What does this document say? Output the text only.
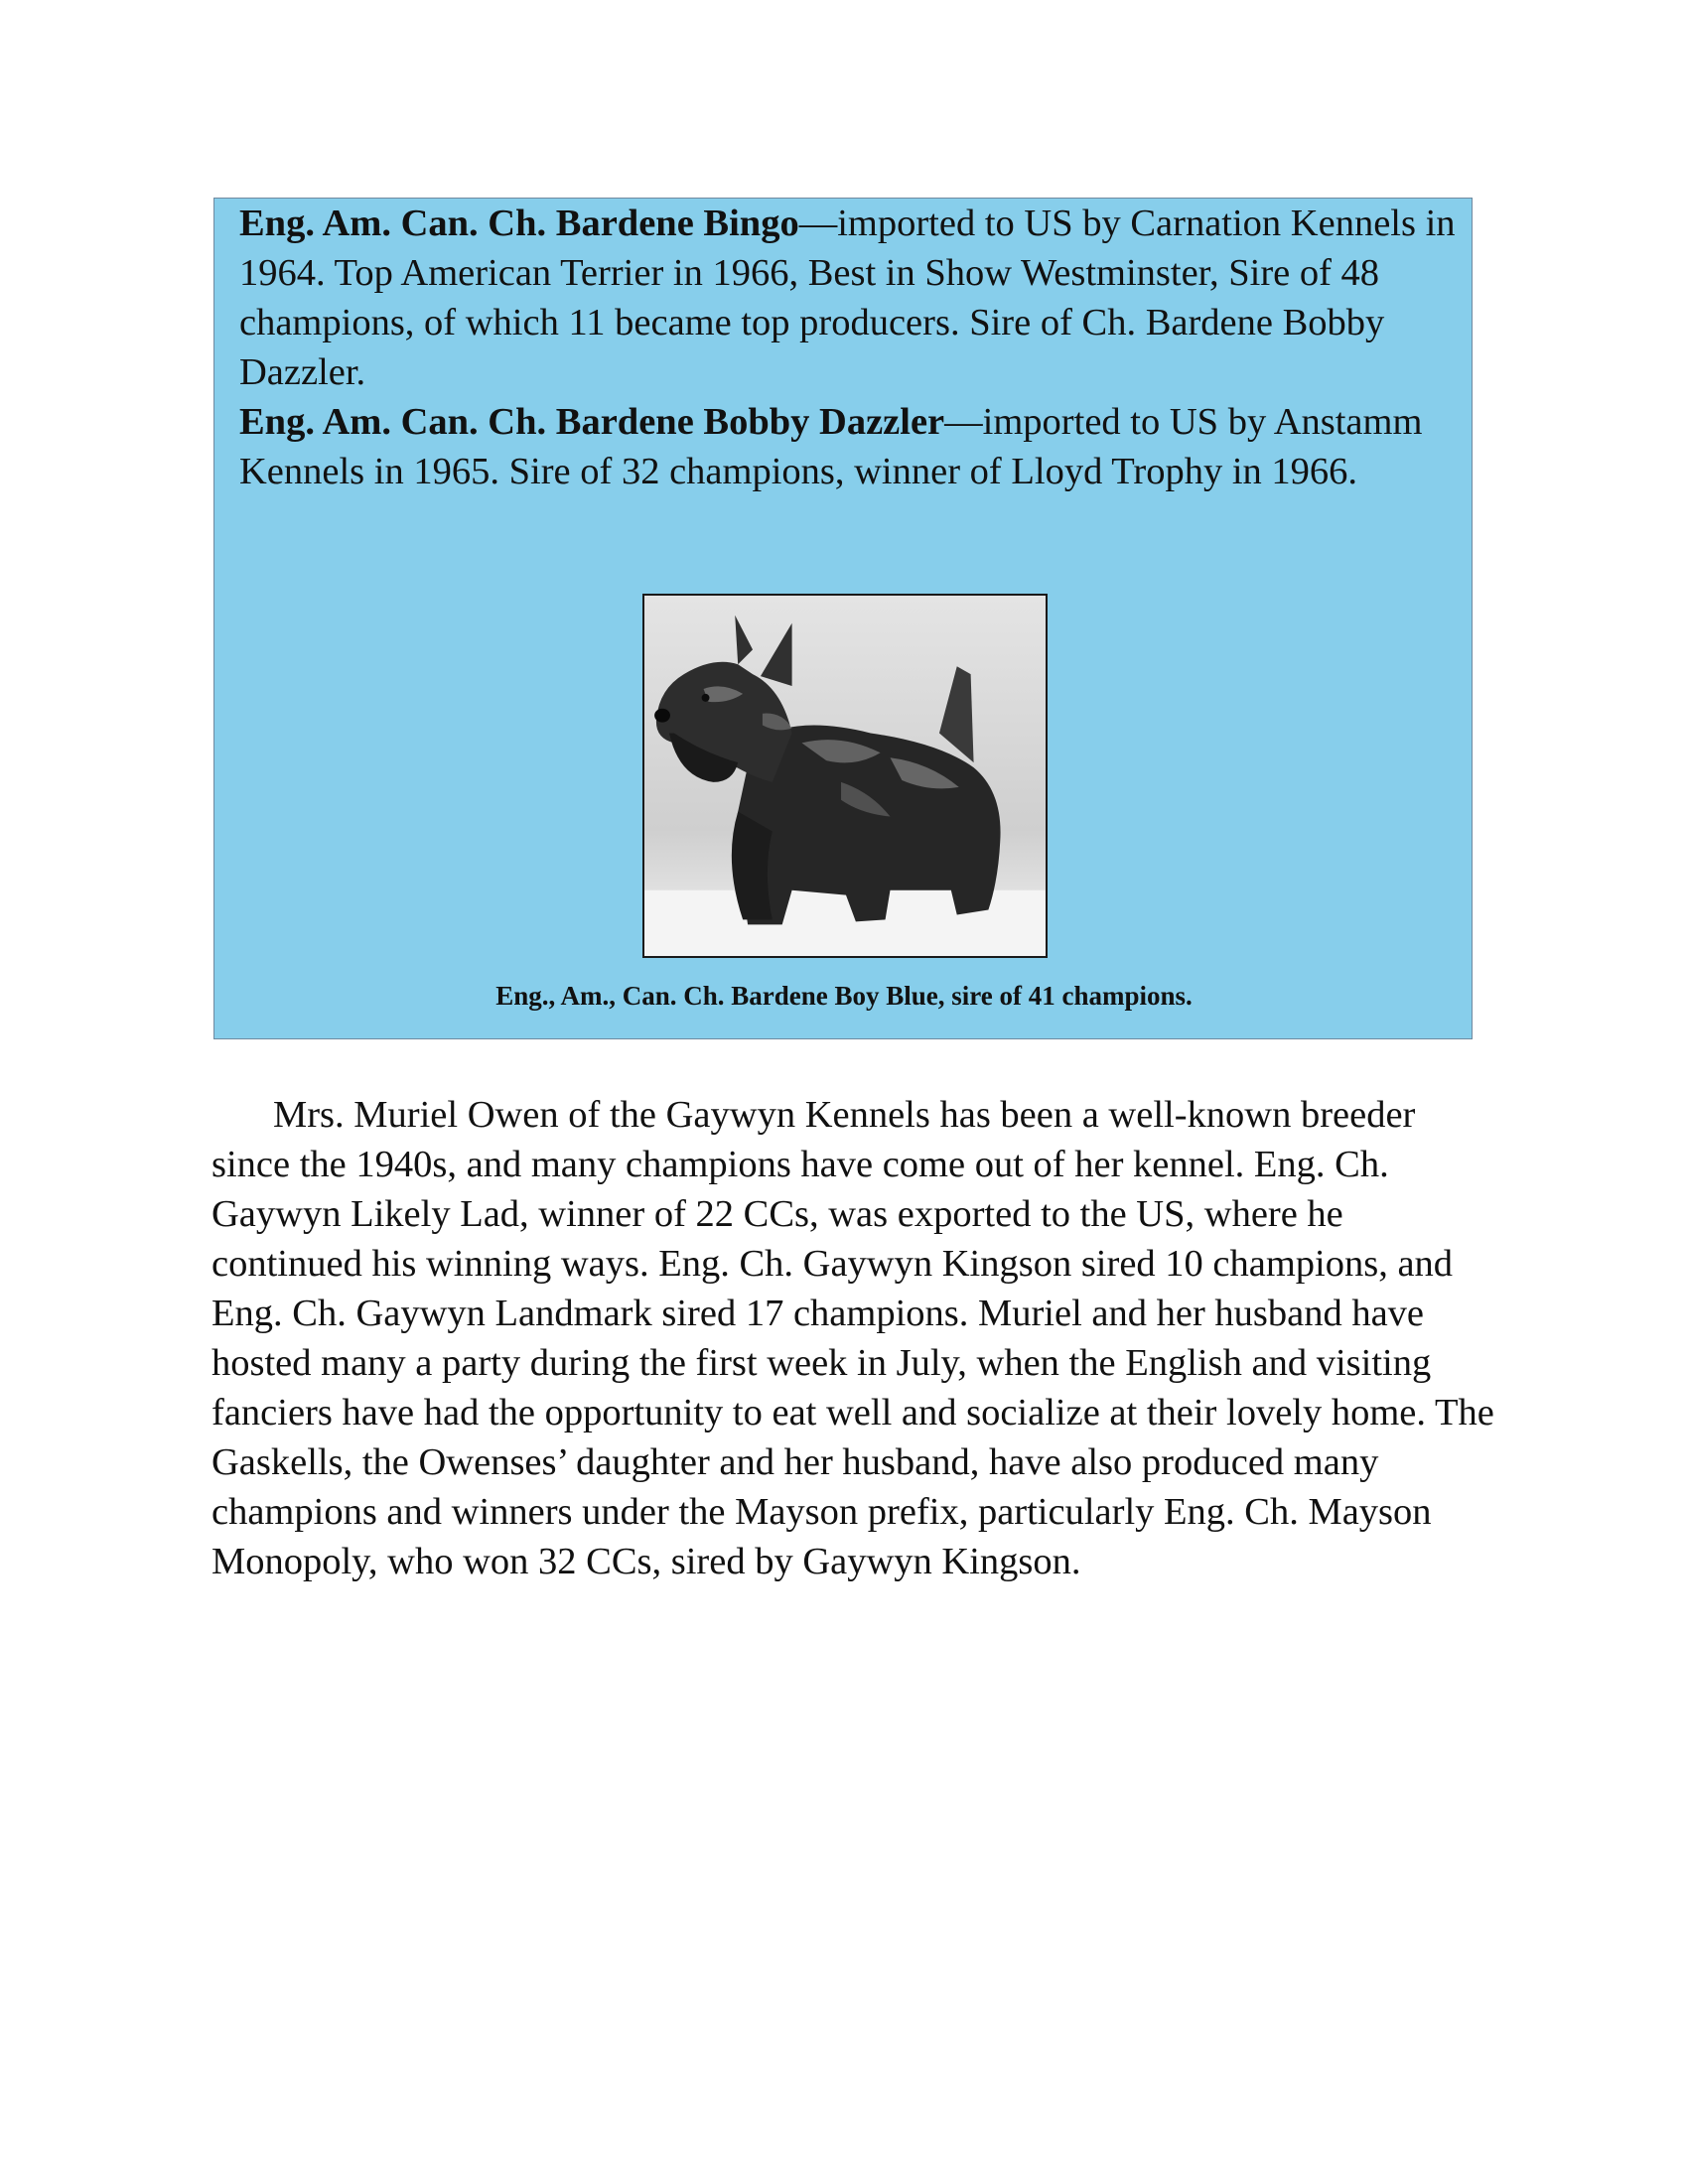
Eng. Am. Can. Ch. Bardene Bingo—imported to US by Carnation Kennels in 1964. Top American Terrier in 1966, Best in Show Westminster, Sire of 48 champions, of which 11 became top producers. Sire of Ch. Bardene Bobby Dazzler.

Eng. Am. Can. Ch. Bardene Bobby Dazzler—imported to US by Anstamm Kennels in 1965. Sire of 32 champions, winner of Lloyd Trophy in 1966.

Eng., Am., Can. Ch. Bardene Boy Blue, sire of 41 champions.

Mrs. Muriel Owen of the Gaywyn Kennels has been a well-known breeder since the 1940s, and many champions have come out of her kennel. Eng. Ch. Gaywyn Likely Lad, winner of 22 CCs, was exported to the US, where he continued his winning ways. Eng. Ch. Gaywyn Kingson sired 10 champions, and Eng. Ch. Gaywyn Landmark sired 17 champions. Muriel and her husband have hosted many a party during the first week in July, when the English and visiting fanciers have had the opportunity to eat well and socialize at their lovely home. The Gaskells, the Owenses’ daughter and her husband, have also produced many champions and winners under the Mayson prefix, particularly Eng. Ch. Mayson Monopoly, who won 32 CCs, sired by Gaywyn Kingson.
